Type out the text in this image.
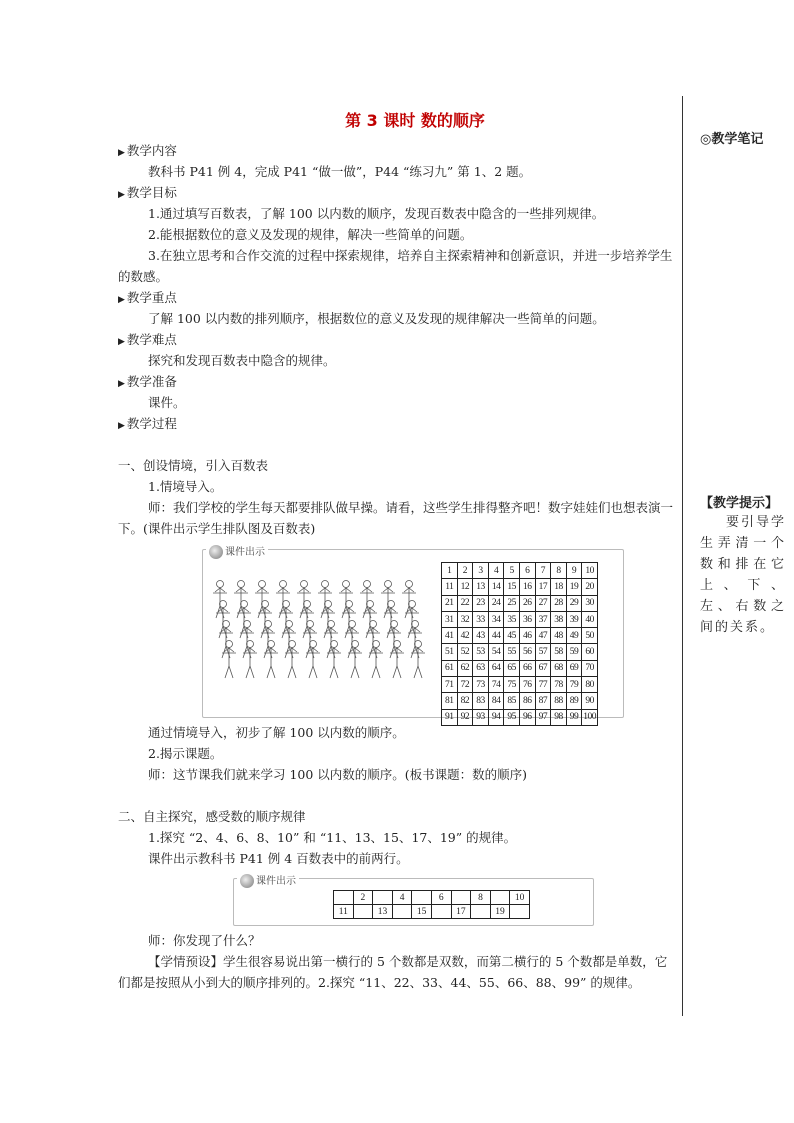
第 3 课时 数的顺序
◎教学笔记
【教学提示】
要引导学生弄清一个数和排在它上、下、左、右数之间的关系。
▶ 教学内容
教科书 P41 例 4，完成 P41 “做一做”，P44 “练习九” 第 1、2 题。
▶ 教学目标
1.通过填写百数表，了解 100 以内数的顺序，发现百数表中隐含的一些排列规律。
2.能根据数位的意义及发现的规律，解决一些简单的问题。
3.在独立思考和合作交流的过程中探索规律，培养自主探索精神和创新意识，并进一步培养学生的数感。
▶ 教学重点
了解 100 以内数的排列顺序，根据数位的意义及发现的规律解决一些简单的问题。
▶ 教学难点
探究和发现百数表中隐含的规律。
▶ 教学准备
课件。
▶ 教学过程
一、创设情境，引入百数表
1.情境导入。
师：我们学校的学生每天都要排队做早操。请看，这些学生排得整齐吧！数字娃娃们也想表演一下。(课件出示学生排队图及百数表)
课件出示
1	2	3	4	5	6	7	8	9	10
11	12	13	14	15	16	17	18	19	20
21	22	23	24	25	26	27	28	29	30
31	32	33	34	35	36	37	38	39	40
41	42	43	44	45	46	47	48	49	50
51	52	53	54	55	56	57	58	59	60
61	62	63	64	65	66	67	68	69	70
71	72	73	74	75	76	77	78	79	80
81	82	83	84	85	86	87	88	89	90
91	92	93	94	95	96	97	98	99	100
通过情境导入，初步了解 100 以内数的顺序。
2.揭示课题。
师：这节课我们就来学习 100 以内数的顺序。(板书课题：数的顺序)
二、自主探究，感受数的顺序规律
1.探究 “2、4、6、8、10” 和 “11、13、15、17、19” 的规律。
课件出示教科书 P41 例 4 百数表中的前两行。
课件出示
	2		4		6		8		10
11		13		15		17		19	
师：你发现了什么？
【学情预设】学生很容易说出第一横行的 5 个数都是双数，而第二横行的 5 个数都是单数，它们都是按照从小到大的顺序排列的。2.探究 “11、22、33、44、55、66、88、99” 的规律。
